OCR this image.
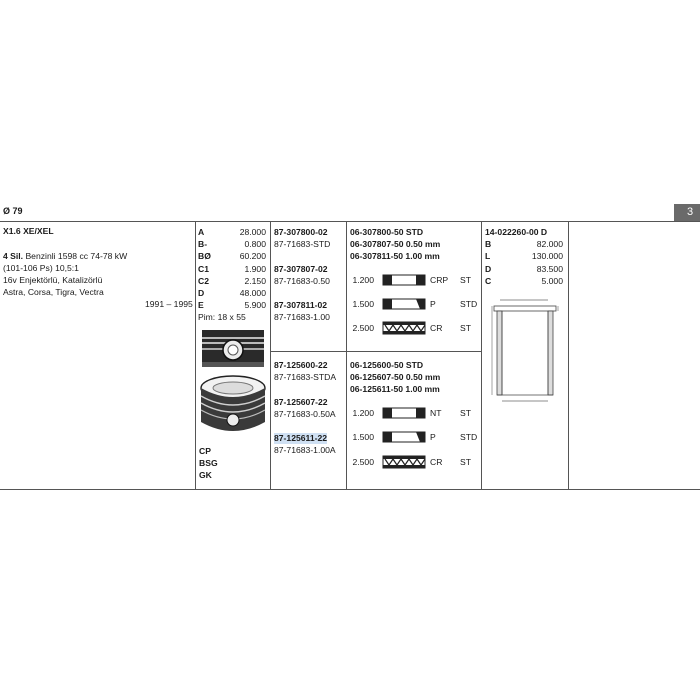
Ø 79	3
X1.6 XE/XEL
4 Sil. Benzinli 1598 cc 74-78 kW
(101-106 Ps) 10,5:1
16v Enjektörlü, Katalizörlü
Astra, Corsa, Tigra, Vectra
1991 – 1995
A	28.000
B-	0.800
BØ	60.200
C1	1.900
C2	2.150
D	48.000
E	5.900
Pim: 18 x 55
CP
BSG
GK
87-307800-02
87-71683-STD
87-307807-02
87-71683-0.50
87-307811-02
87-71683-1.00
87-125600-22
87-71683-STDA
87-125607-22
87-71683-0.50A
87-125611-22
87-71683-1.00A
06-307800-50 STD
06-307807-50 0.50 mm
06-307811-50 1.00 mm
1.200	CRP ST
1.500	P	STD
2.500	CR ST
06-125600-50 STD
06-125607-50 0.50 mm
06-125611-50 1.00 mm
1.200	NT ST
1.500	P	STD
2.500	CR ST
14-022260-00 D
B	82.000
L	130.000
D	83.500
C	5.000
